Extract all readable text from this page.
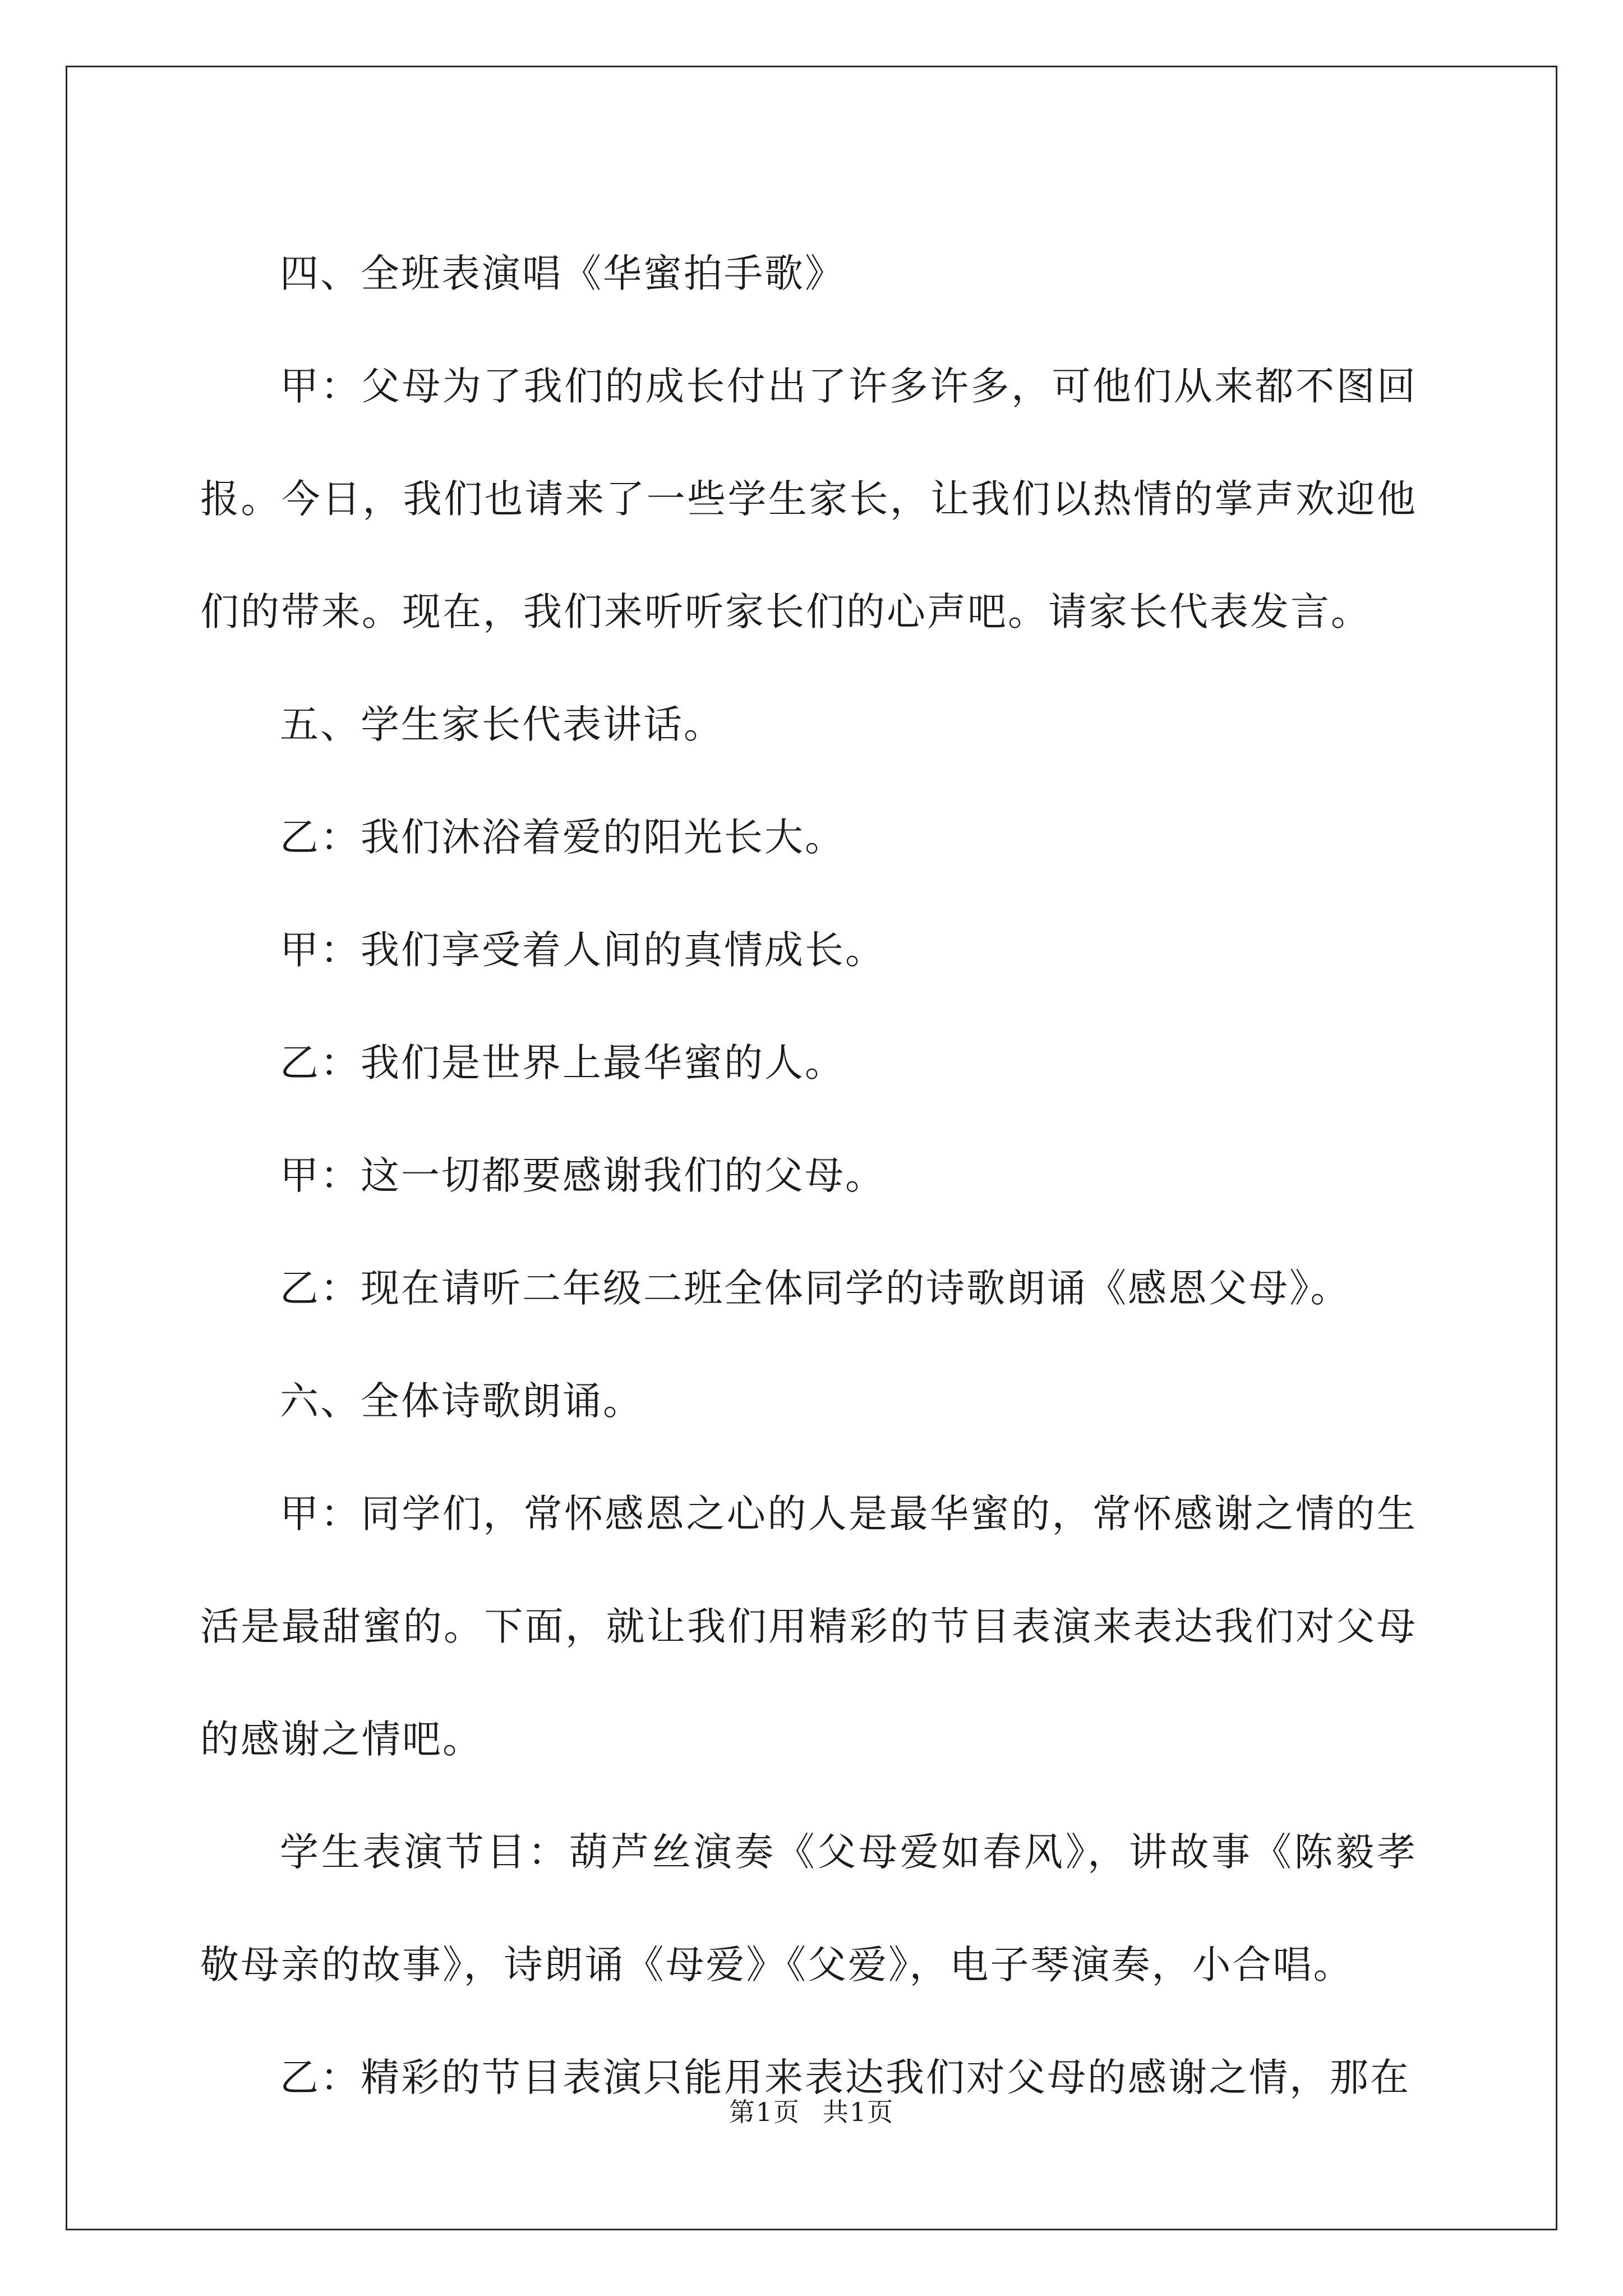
四、全班表演唱《华蜜拍手歌》

甲：父母为了我们的成长付出了许多许多，可他们从来都不图回报。今日，我们也请来了一些学生家长，让我们以热情的掌声欢迎他们的带来。现在，我们来听听家长们的心声吧。请家长代表发言。

五、学生家长代表讲话。

乙：我们沐浴着爱的阳光长大。

甲：我们享受着人间的真情成长。

乙：我们是世界上最华蜜的人。

甲：这一切都要感谢我们的父母。

乙：现在请听二年级二班全体同学的诗歌朗诵《感恩父母》。

六、全体诗歌朗诵。

甲：同学们，常怀感恩之心的人是最华蜜的，常怀感谢之情的生活是最甜蜜的。下面，就让我们用精彩的节目表演来表达我们对父母的感谢之情吧。

学生表演节目：葫芦丝演奏《父母爱如春风》，讲故事《陈毅孝敬母亲的故事》，诗朗诵《母爱》《父爱》，电子琴演奏，小合唱。

乙：精彩的节目表演只能用来表达我们对父母的感谢之情，那在

第1页 共1页
